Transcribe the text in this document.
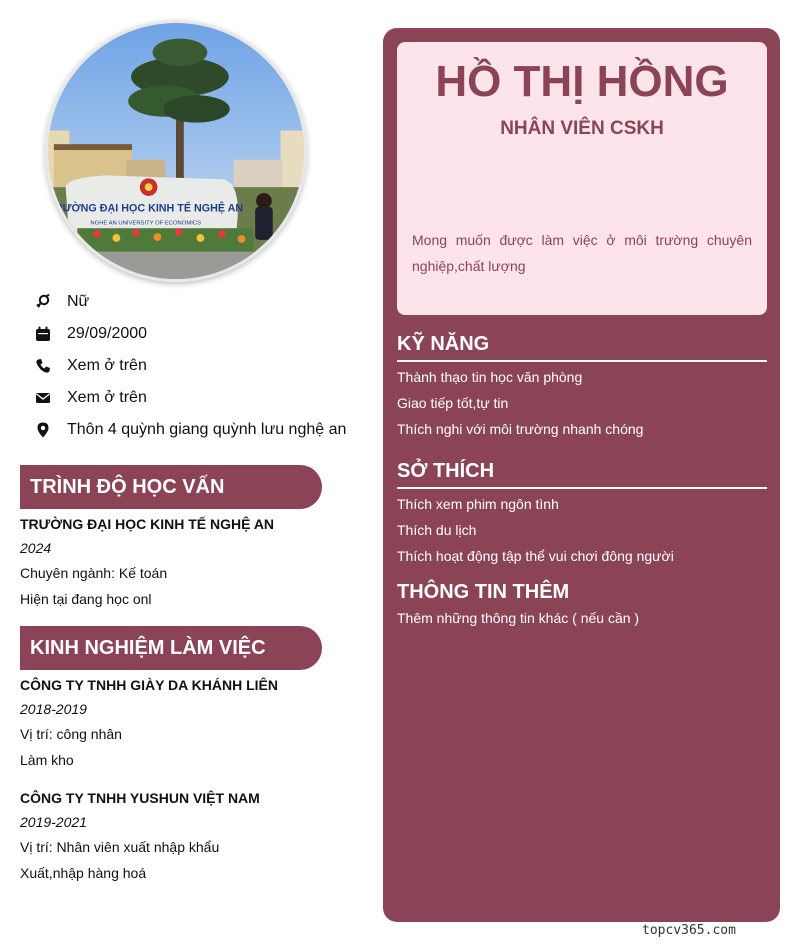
TRƯỜNG ĐẠI HỌC KINH TẾ NGHỆ AN
NGHE AN UNIVERSITY OF ECONOMICS
Nữ
29/09/2000
Xem ở trên
Xem ở trên
Thôn 4 quỳnh giang quỳnh lưu nghệ an
TRÌNH ĐỘ HỌC VẤN
TRƯỜNG ĐẠI HỌC KINH TẾ NGHỆ AN
2024
Chuyên ngành: Kế toán
Hiện tại đang học onl
KINH NGHIỆM LÀM VIỆC
CÔNG TY TNHH GIÀY DA KHÁNH LIÊN
2018-2019
Vị trí: công nhân
Làm kho
CÔNG TY TNHH YUSHUN VIỆT NAM
2019-2021
Vị trí: Nhân viên xuất nhập khẩu
Xuất,nhập hàng hoá
HỒ THỊ HỒNG
NHÂN VIÊN CSKH
Mong muốn được làm việc ở môi trường chuyên nghiệp,chất lượng
KỸ NĂNG
Thành thạo tin học văn phòng
Giao tiếp tốt,tự tin
Thích nghi với môi trường nhanh chóng
SỞ THÍCH
Thích xem phim ngôn tình
Thích du lịch
Thích hoạt động tập thể vui chơi đông người
THÔNG TIN THÊM
Thêm những thông tin khác ( nếu cần )
topcv365.com
